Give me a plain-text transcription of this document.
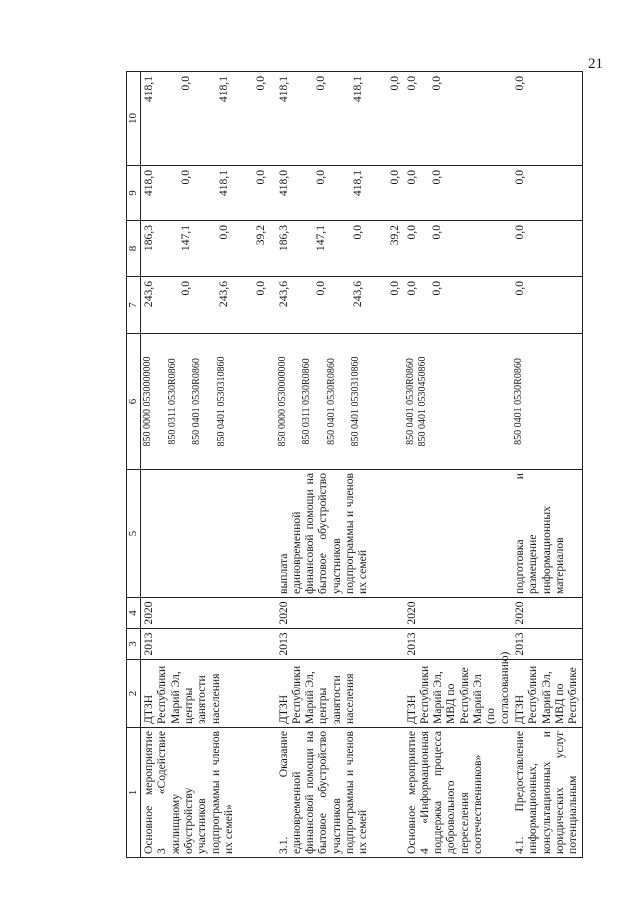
21
1	2	3	4	5	6	7	8	9	10
Основное мероприятие 3 «Содействие жилищному обустройству участников подпрограммы и членов их семей»	ДТЗН Республики Марий Эл, центры занятости населения	2013	2020		850 0000 0530000000 850 0311 0530R0860 850 0401 0530R0860 850 0401 0530310860	243,6 0,0 243,6 0,0	186,3 147,1 0,0 39,2	418,0 0,0 418,1 0,0	418,1 0,0 418,1 0,0

3.1. Оказание единовременной финансовой помощи на бытовое обустройство участников подпрограммы и членов их семей	ДТЗН Республики Марий Эл, центры занятости населения	2013	2020	выплата единовременной финансовой помощи на бытовое обустройство участников подпрограммы и членов их семей	850 0000 0530000000 850 0311 0530R0860 850 0401 0530R0860 850 0401 0530310860	243,6 0,0 243,6 0,0	186,3 147,1 0,0 39,2	418,0 0,0 418,1 0,0	418,1 0,0 418,1 0,0

Основное мероприятие 4 «Информационная поддержка процесса добровольного переселения соотечественников»	ДТЗН Республики Марий Эл, МВД по Республике Марий Эл (по согласованию)	2013	2020		850 0401 0530R0860 850 0401 0530450860	0,0 0,0	0,0 0,0	0,0 0,0	0,0 0,0

4.1. Предоставление информационных, консультационных и юридических услуг потенциальным	ДТЗН Республики Марий Эл, МВД по Республике	2013	2020	подготовка и размещение информационных материалов	850 0401 0530R0860	0,0	0,0	0,0	0,0
